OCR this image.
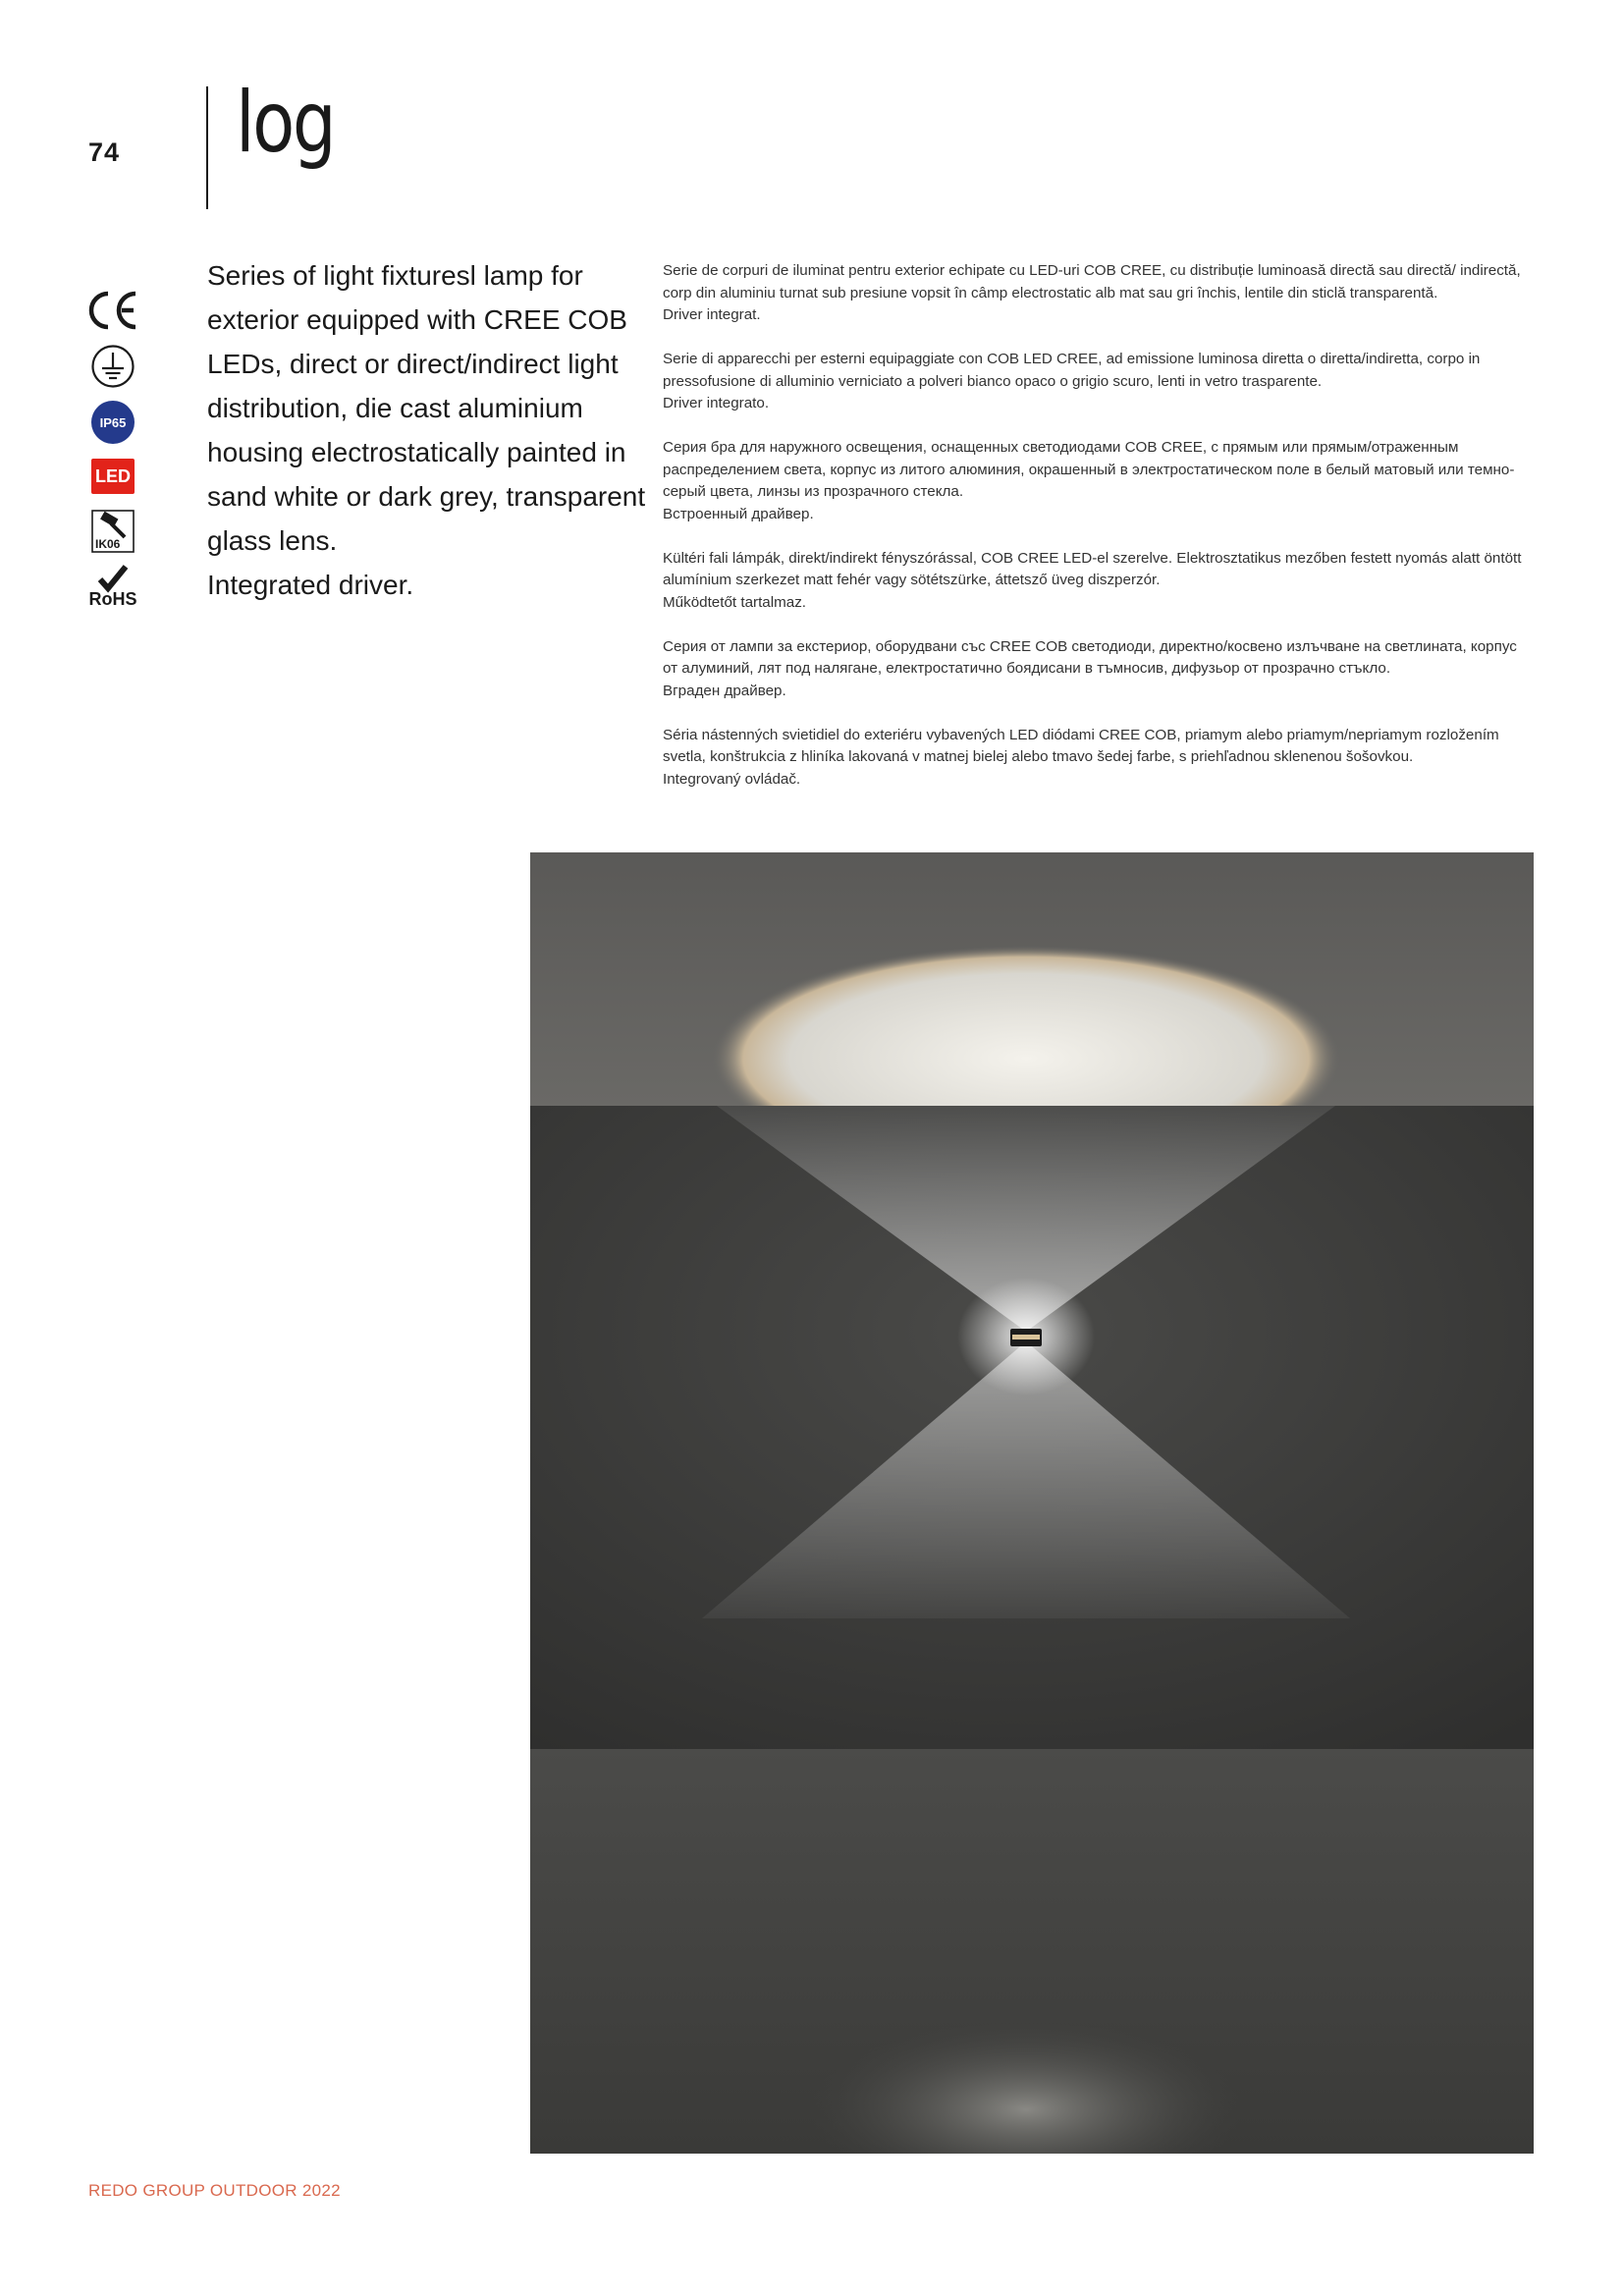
74 log
IP65
LED
IK06
RoHS

Series of light fixturesl lamp for exterior equipped with CREE COB LEDs, direct or direct/indirect light distribution, die cast aluminium housing electrostatically painted in sand white or dark grey, transparent glass lens.

Integrated driver.

Serie de corpuri de iluminat pentru exterior echipate cu LED-uri COB CREE, cu distribuție luminoasă directă sau directă/ indirectă, corp din aluminiu turnat sub presiune vopsit în câmp electrostatic alb mat sau gri închis, lentile din sticlă transparentă.

Driver integrat.

Serie di apparecchi per esterni equipaggiate con COB LED CREE, ad emissione luminosa diretta o diretta/indiretta, corpo in pressofusione di alluminio verniciato a polveri bianco opaco o grigio scuro, lenti in vetro trasparente.

Driver integrato.

Серия бра для наружного освещения, оснащенных светодиодами COB CREE, с прямым или прямым/отраженным распределением света, корпус из литого алюминия, окрашенный в электростатическом поле в белый матовый или темно-серый цвета, линзы из прозрачного стекла.

Встроенный драйвер.

Kültéri fali lámpák, direkt/indirekt fényszórással, COB CREE LED-el szerelve. Elektrosztatikus mezőben festett nyomás alatt öntött alumínium szerkezet matt fehér vagy sötétszürke, áttetsző üveg diszperzór.

Működtetőt tartalmaz.

Серия от лампи за екстериор, оборудвани със CREE COB светодиоди, директно/косвено излъчване на светлината, корпус от алуминий, лят под налягане, електростатично боядисани в тъмносив, дифузьор от прозрачно стъкло.

Вграден драйвер.

Séria nástenných svietidiel do exteriéru vybavených LED diódami CREE COB, priamym alebo priamym/nepriamym rozložením svetla, konštrukcia z hliníka lakovaná v matnej bielej alebo tmavo šedej farbe, s priehľadnou sklenenou šošovkou.

Integrovaný ovládač.

REDO GROUP OUTDOOR 2022
